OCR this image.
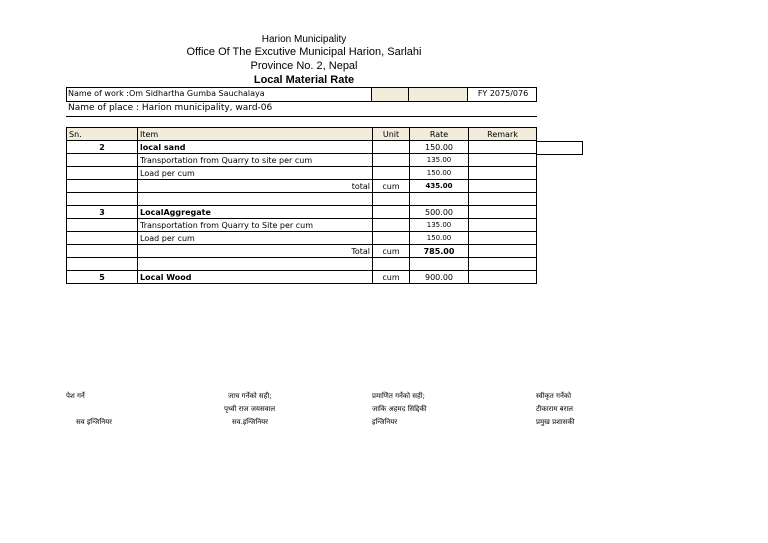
Harion Municipality
Office Of The Excutive Municipal Harion, Sarlahi
Province No. 2, Nepal
Local Material Rate
Name of work :Om Sidhartha Gumba Sauchalaya	FY 2075/076
Name of place : Harion municipality, ward-06
Sn.	Item	Unit	Rate	Remark
2	local sand		150.00	
	Transportation from Quarry to site per cum		135.00	
	Load per cum		150.00	
	total	cum	435.00	

3	LocalAggregate		500.00	
	Transportation from Quarry to Site per cum		135.00	
	Load per cum		150.00	
	Total	cum	785.00	

5	Local Wood	cum	900.00	
पेश गर्ने
सव इन्जिनियर
जाच गर्नेको सही;
पृथ्वी राज जयसवाल
सव.इन्जिनियर
प्रमाणित गर्नेको सही;
जाकि अहमद सिद्दिकी
इन्जिनियर
स्वीकृत गर्नेको
टीकाराम बराल
प्रमुख प्रशासकी
